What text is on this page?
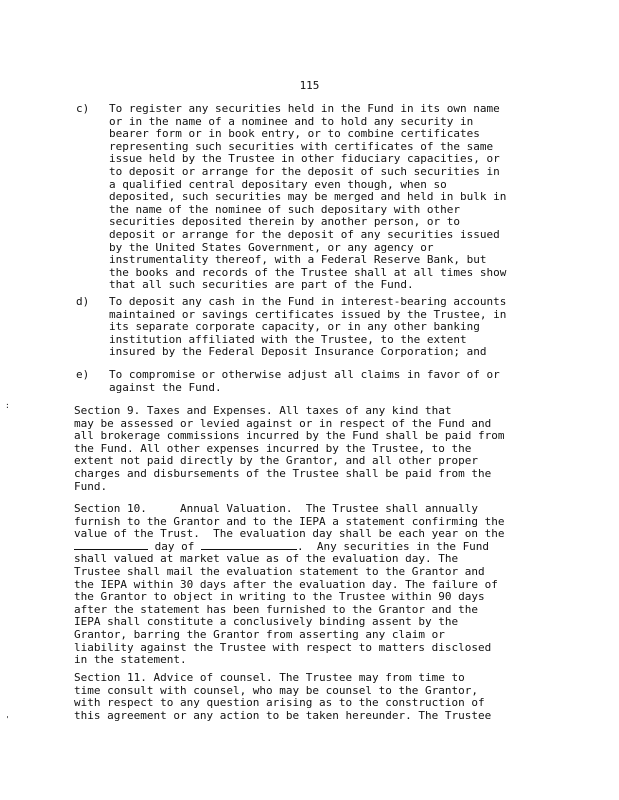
115
c) To register any securities held in the Fund in its own name
or in the name of a nominee and to hold any security in
bearer form or in book entry, or to combine certificates
representing such securities with certificates of the same
issue held by the Trustee in other fiduciary capacities, or
to deposit or arrange for the deposit of such securities in
a qualified central depositary even though, when so
deposited, such securities may be merged and held in bulk in
the name of the nominee of such depositary with other
securities deposited therein by another person, or to
deposit or arrange for the deposit of any securities issued
by the United States Government, or any agency or
instrumentality thereof, with a Federal Reserve Bank, but
the books and records of the Trustee shall at all times show
that all such securities are part of the Fund.
d) To deposit any cash in the Fund in interest-bearing accounts
maintained or savings certificates issued by the Trustee, in
its separate corporate capacity, or in any other banking
institution affiliated with the Trustee, to the extent
insured by the Federal Deposit Insurance Corporation; and
e) To compromise or otherwise adjust all claims in favor of or
against the Fund.
:	Section 9. Taxes and Expenses. All taxes of any kind that
may be assessed or levied against or in respect of the Fund and
all brokerage commissions incurred by the Fund shall be paid from
the Fund. All other expenses incurred by the Trustee, to the
extent not paid directly by the Grantor, and all other proper
charges and disbursements of the Trustee shall be paid from the
Fund.
Section 10.     Annual Valuation.  The Trustee shall annually
furnish to the Grantor and to the IEPA a statement confirming the
value of the Trust.  The evaluation day shall be each year on the
day of	.  Any securities in the Fund
shall valued at market value as of the evaluation day. The
Trustee shall mail the evaluation statement to the Grantor and
the IEPA within 30 days after the evaluation day. The failure of
the Grantor to object in writing to the Trustee within 90 days
after the statement has been furnished to the Grantor and the
IEPA shall constitute a conclusively binding assent by the
Grantor, barring the Grantor from asserting any claim or
liability against the Trustee with respect to matters disclosed
in the statement.
'
Section 11. Advice of counsel. The Trustee may from time to
time consult with counsel, who may be counsel to the Grantor,
with respect to any question arising as to the construction of
this agreement or any action to be taken hereunder. The Trustee
